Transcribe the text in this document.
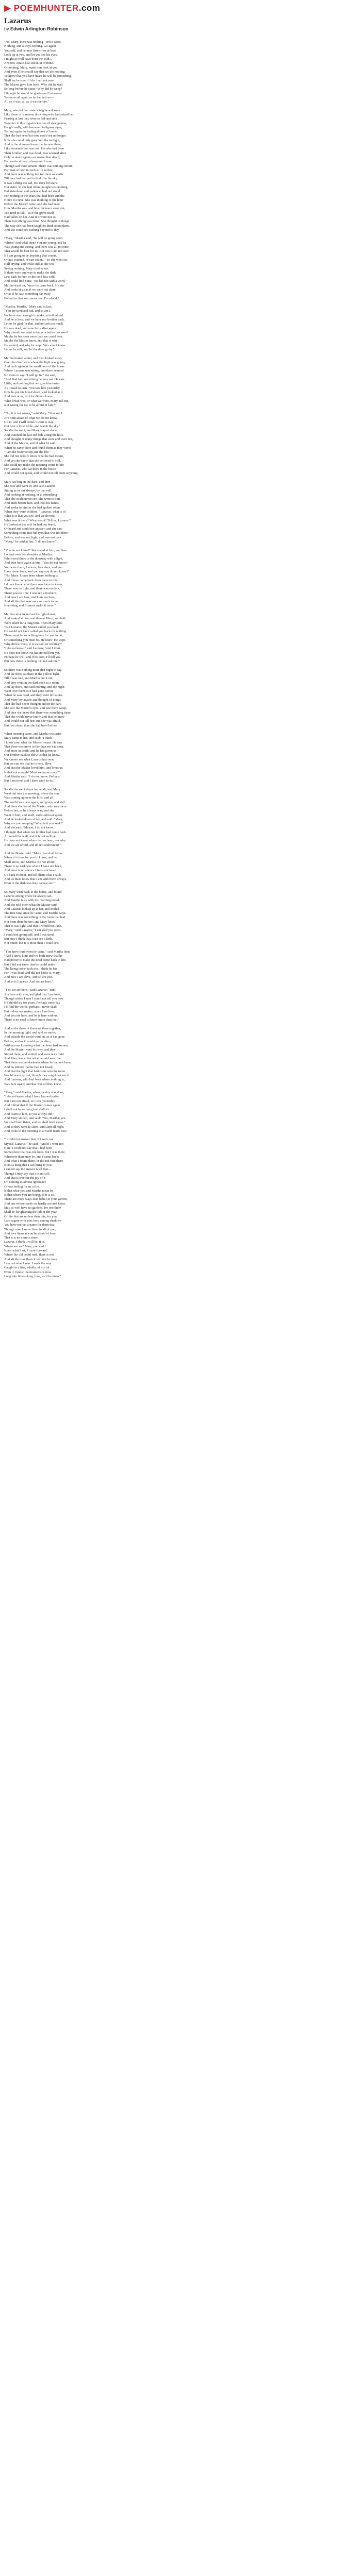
▶ POEMHUNTER.com
Lazarus
by Edwin Arlington Robinson
"No, Mary, there was nothing—not a word.
Nothing, and always nothing. Go again
Yourself, and he may listen—or at least
Look up at you, and let you see his eyes.
I might as well have been the cold...
A weird, estate-like stolen in of mine.
Or nothing, Mary, made him look at you.
And even if he should say that we are nothing,
To know that you have heard he will be something,
Shall we be sure if I do. I am not sure.
The Master gave him back. Why did he wait
So long before he came? Why did he weep?
I thought he would be glad—and Lazarus—
To see us all again as he had left us—
All as it was, all as it was before."
Mary, who felt her sister's frightened arms
Like those of someone drowning who had seized her,
Fearing at last they were to fail and sink
Together in this fog-stricken sea of strangeness,
Fought sadly, with bereaved indignant eyes,
To find again the fading shores of home
That she had seen but now could see no longer.
Now she could only gaze into the twilight,
And in the dimness know that he was there,
Like someone that was not. He who had been
Their brother, and was dead, now seemed alive
Only in death again—or worse than death;
For tombs at least, always until now,
Though sad were certain. There was nothing certain
For man or God in such a life as this;
And there was nothing left for them on earth
Till they had learned to find it in the sky.
It was a thing too sad, too deep for tears.
Her sister, so she had often thought was nothing
But sisterhood and patience, had not stood
For nothing in the years that had been and the
Hours to come. She was thinking of the hour
Before the Master came, and she had seen
How Martha was, and how the tears were lost,
Too tired to fall—as if the grave itself
Had fallen on her. And if it were not so,
Then everything was blind. She thought of things
The way she had been taught to think about them,
And she could see nothing beyond to-day
"Mary," Martha said, "he will be going soon.
Where? And what then? You are young, and he
Was young and strong, and there was all to come
That would be best for us. But now I am not sure
If I am going to be anything that counts,
Or has counted, or can count..." So she went on,
Half crying; and while still as she was
Seeing nothing, Mary tried to see
If there were any way to make the dark
Less dark for her, or the cold less cold,
And could find none. "He has not said a word,"
Martha went on, "since he came back. He sits
And looks at us as if we were not there,
Or as if he saw something far away
Behind us that we cannot see. I'm afraid."
"Martha, Martha," Mary said at last,
"You are tired and sad, and so am I.
We have seen enough to make us both afraid.
And he is here; and we have our brother back.
Let us be glad for that, and not ask too much.
He was dead, and now he is alive again.
Why should we want to know what he has seen?
Maybe he has seen more than we could bear.
Maybe the Master knew, and that is why
He waited, and why he wept. We cannot know.
Let us be still, and let the days go by."
Martha looked at her, and then looked away,
Over the dim fields where the light was going,
And back again at the small door of the house
Where Lazarus was sitting, and there seemed
No more to say. "I will go in," she said,
"And find him something he may eat. He eats
Little, and nothing that we give him tastes
As it used to taste. You saw him yesterday,
How he put his bread down, and looked at it,
And then at us, as if he did not know
What bread was, or what we were. Mary, tell me,
Is it wrong for me to be afraid of him?"
"No, it is not wrong," said Mary. "You and I
Are both afraid of what we do not know.
Go in; and I will come. I want to stay
Out here a little while, and watch the sky."
So Martha went, and Mary stayed alone,
And watched the last red fade along the hills,
And thought of many things that were and were not,
And of the Master, and of what he said
When he came there and found them as they were:
"I am the resurrection and the life."
She did not wholly know what he had meant,
And yet she knew that she believed it; still,
She could not make the meaning come to life
For Lazarus, who sat there in the house
And would not speak, and would not tell them anything.
Mary sat long in the dark, and then
She rose and went in, and saw Lazarus
Sitting as he sat always, by the wall,
And looking at nothing, or at something
That she could never see. She went to him,
And knelt before him, and took his hands,
And spoke to him as she had spoken often
When they were children: "Lazarus, what is it?
What is it that you see, and we do not?
What was it there? What was it? Tell us, Lazarus."
He looked at her as if he had not heard,
Or heard and could not answer; and she saw
Something come into his eyes that was not there
Before, and was not light, and was not dark.
"Mary," he said at last, "I do not know."
"You do not know!" She stared at him, and then
Looked over her shoulder at Martha,
Who stood there in the doorway with a light,
And then back again at him. "You do not know?
You were there, Lazarus, four days; and you
Have come back, and you say you do not know?"
"No, Mary. I have been where nothing is;
And I have come back from there to this.
I do not know what there was there to know.
There was no light, and there was no dark;
There was no time. I was not anywhere.
And now I am here, and I am not here;
And all this that was once so much to me
Is nothing, and I cannot make it more."
Martha came in and set the light down,
And looked at him, and then at Mary; and both
Were silent for a long time. Then Mary said:
"But Lazarus, the Master called you back.
He would not have called you back for nothing.
There must be something here for you to do,
Or something you must be. He knew. He wept.
Why did he weep, if it was all for nothing?"
"I do not know," said Lazarus; "and I think
He does not know. He has not told me yet.
Perhaps he will; and if he does, I'll tell you.
But now there is nothing. Do not ask me."
So there was nothing more that night to say,
And the three sat there in the yellow light
Till it was late, and Martha put it out,
And they went in the dark each to a room,
And lay there, and said nothing; and the night
Went over them as it had gone before
When he was dead, and they were left alone.
And Mary lay awake and thought of things
That she had never thought; and in the dark
She saw the Master's eyes, and saw them weep,
And then she knew that there was something there
That she would never know, and that he knew
And would not tell her; and she was afraid,
But less afraid than she had been before.
When morning came, and Martha was astir,
Mary came to her, and said: "I think
I know now what the Master meant. He saw
That there was more in life than we had seen,
And more in death; and he has given us
Our brother back to show us that he knew.
We cannot see what Lazarus has seen;
But we can see that he is here, alive,
And that the Master loved him, and loves us.
Is that not enough? Must we know more?"
And Martha said: "I do not know. Perhaps.
But I am tired, and I have work to do."
So Martha went about her work, and Mary
Went out into the morning, where the sun
Was coming up over the hills, and all
The world was new again, and green, and still.
And there she found the Master, who was there
Before her, as he always was; and she
Went to him, and knelt, and could not speak.
And he looked down at her, and said: "Mary,
Why are you weeping? What is it you seek?"
And she said: "Master, I do not know.
I thought that when our brother had come back
All would be well; and it is not well yet.
He does not know where he has been, nor why.
And we are afraid, and do not understand."
And the Master said: "Mary, you shall know
When it is time for you to know; and he
Shall know, and Martha. Be not afraid.
There is no darkness where I have not been,
And there is no silence I have not heard.
Go back to them, and tell them what I said;
And let them know that I am with them always,
Even in the darkness they cannot see."
So Mary went back to the house, and found
Lazarus sitting where he always sat,
And Martha busy with the morning bread;
And she told them what the Master said.
And Lazarus looked up at her, and smiled—
The first time since he came; and Martha wept.
And there was something in the room that had
Not been there before; and Mary knew
That it was light, and that it would not fade.
"Mary," said Lazarus, "I am glad you went.
I could not go myself; and I was tired.
But now I think that I can see a little.
Not much; but it is more than I could see.
"You knew him when he came," said Martha then,
"And I knew him; and we both knew that he
Had power to make the dead come back to life.
But I did not know that he could make
The living come back too. I think he has.
For I was dead, and did not know it, Mary;
And now I am alive. And so are you.
And so is Lazarus. And we are here."
"Yes, we are here," said Lazarus; "and I
Am here with you, and glad that I am here,
Though where I was I could not tell you now
If I should try for years. Perhaps some day
I'll find the words; perhaps I never shall.
But it does not matter, since I am here,
And you are here, and he is here with us.
There is no need to know more than that."
And so the three of them sat there together,
In the morning light, and said no more;
And outside the world went on, as it had gone
Before, and as it would go on after,
With no one knowing what the three had known;
And the Master went his way, and they
Stayed there, and waited, and were not afraid.
And Mary knew that what he said was true:
That there was no darkness where he had not been,
And no silence that he had not heard;
And that the light that had come into the room
Would never go out, though they might not see it.
And Lazarus, who had been where nothing is,
Was here again; and that was all they knew.
"Mary," said Martha, when the day was done,
"I do not know what I have learned today;
But I am not afraid, as I was yesterday.
And I think that if the Master comes again
I shall not be so busy, but shall sit
And listen to him, as you always did."
And Mary smiled, and said: "Yes, Martha; yes.
We shall both listen, and we shall both know."
And so they went to sleep, and slept all night,
And woke in the morning to a world made new.
"I could not answer that, if I were not
Myself, Lazarus," he said, "And if I were not
Here, I could not say that I had been
Somewhere that was not here. But I was there,
Wherever there may be, and I came back;
And what I found there, or did not find there,
Is not a thing that I can bring to you.
I cannot say the answer is all that—
Though I may say that it is not all;
And that is true for the joy of it
Or, coming as almost ignorance
Of our feeling for us a fire.
Is that what you and Martha mean by
Is that where you are being? If it is so,
There are more ways than belief in your garden,
And one whose seeds we hardly see and know.
May as well have no gardens, for one there
Shall be for gleaning the fall of the year.
Of life that are no less than this, for you,
Lam sagain with you, here among shadows
You have not yet a name for them that
Though now I know them to all of you;
And love them as you be afraid of love
That it is no more a stone.
Lazarus, I think it will be, it is,
Where are we? Mary, you and I
Is not what I set, I carry forward
Where the old could rush, there is not
And all the time there it will not be long
I am not what I was. I walk the way
Caught in a line, wholly, of my lot
Even if I know the moments is now
Long into time—long, long, as if he knew"
